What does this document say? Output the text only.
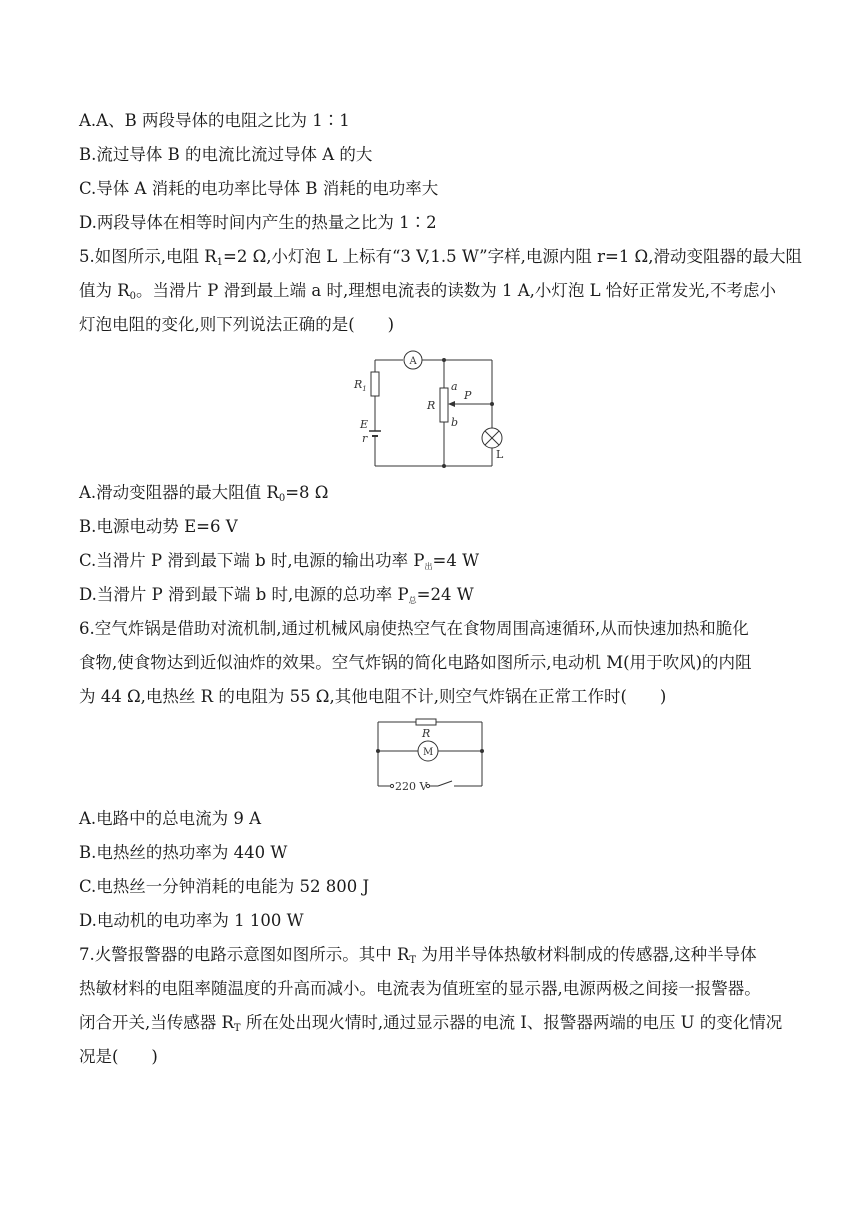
A.A、B 两段导体的电阻之比为 1∶1
B.流过导体 B 的电流比流过导体 A 的大
C.导体 A 消耗的电功率比导体 B 消耗的电功率大
D.两段导体在相等时间内产生的热量之比为 1∶2
5.如图所示,电阻 $R_1=2$ Ω,小灯泡 L 上标有“3 V,1.5 W”字样,电源内阻 r=1 Ω,滑动变阻器的最大阻
值为 $R_0$。当滑片 P 滑到最上端 a 时,理想电流表的读数为 1 A,小灯泡 L 恰好正常发光,不考虑小
灯泡电阻的变化,则下列说法正确的是(　　)
A
$R_1$
E
r
R
a
b
P
L
A.滑动变阻器的最大阻值 $R_0=8$ Ω
B.电源电动势 E=6 V
C.当滑片 P 滑到最下端 b 时,电源的输出功率 $P_出=4$ W
D.当滑片 P 滑到最下端 b 时,电源的总功率 $P_总=24$ W
6.空气炸锅是借助对流机制,通过机械风扇使热空气在食物周围高速循环,从而快速加热和脆化
食物,使食物达到近似油炸的效果。空气炸锅的简化电路如图所示,电动机 M(用于吹风)的内阻
为 44 Ω,电热丝 R 的电阻为 55 Ω,其他电阻不计,则空气炸锅在正常工作时(　　)
R
M
220 V
A.电路中的总电流为 9 A
B.电热丝的热功率为 440 W
C.电热丝一分钟消耗的电能为 52 800 J
D.电动机的电功率为 1 100 W
7.火警报警器的电路示意图如图所示。其中 $R_T$ 为用半导体热敏材料制成的传感器,这种半导体
热敏材料的电阻率随温度的升高而减小。电流表为值班室的显示器,电源两极之间接一报警器。
闭合开关,当传感器 $R_T$ 所在处出现火情时,通过显示器的电流 I、报警器两端的电压 U 的变化情况
况是(　　)
